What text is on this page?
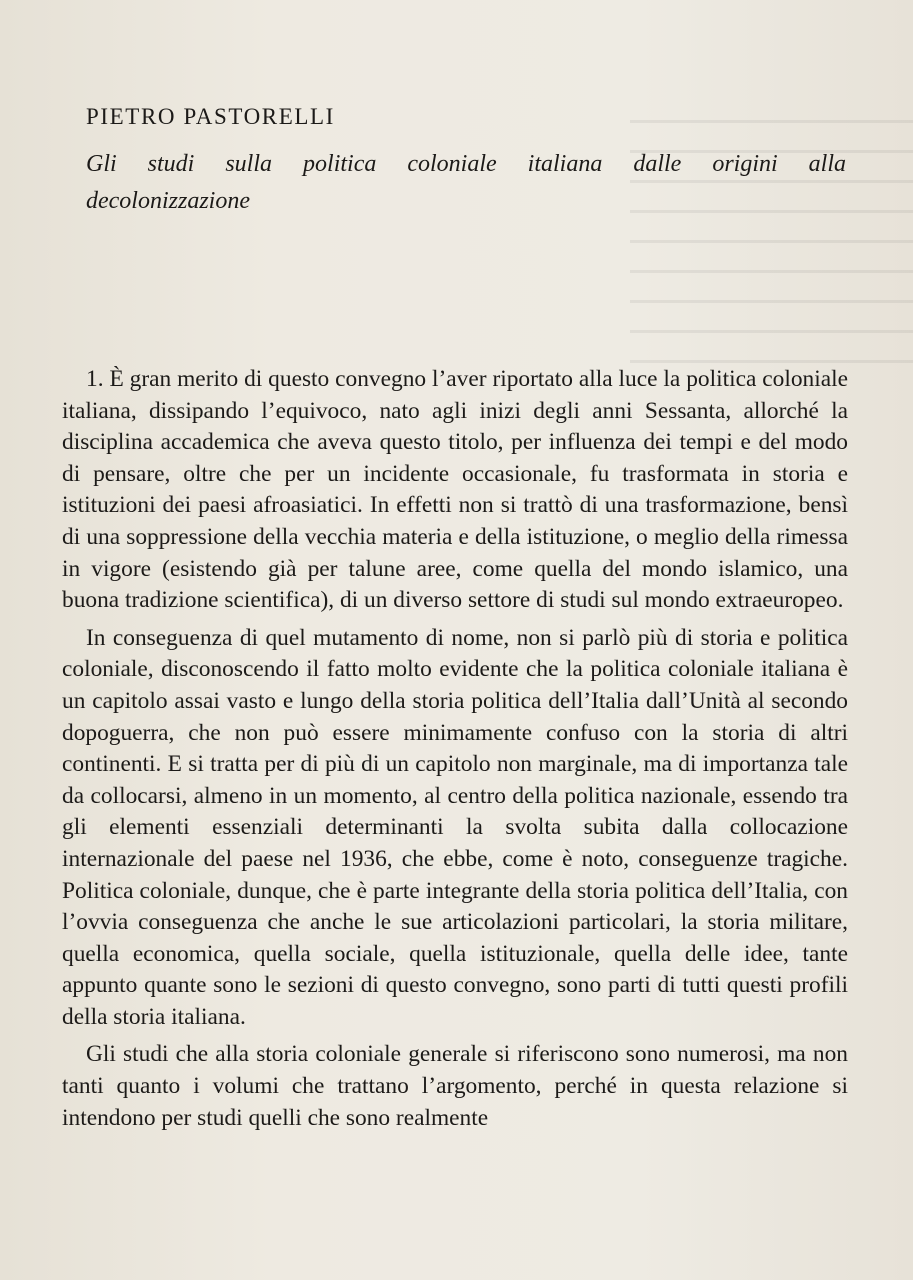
PIETRO PASTORELLI
Gli studi sulla politica coloniale italiana dalle origini alla decolonizzazione

1. È gran merito di questo convegno l’aver riportato alla luce la politica coloniale italiana, dissipando l’equivoco, nato agli inizi degli anni Sessanta, allorché la disciplina accademica che aveva questo titolo, per influenza dei tempi e del modo di pensare, oltre che per un incidente occasionale, fu trasformata in storia e istituzioni dei paesi afroasiatici. In effetti non si trattò di una trasformazione, bensì di una soppressione della vecchia materia e della istituzione, o meglio della rimessa in vigore (esistendo già per talune aree, come quella del mondo islamico, una buona tradizione scientifica), di un diverso settore di studi sul mondo extraeuropeo.

In conseguenza di quel mutamento di nome, non si parlò più di storia e politica coloniale, disconoscendo il fatto molto evidente che la politica coloniale italiana è un capitolo assai vasto e lungo della storia politica dell’Italia dall’Unità al secondo dopoguerra, che non può essere minimamente confuso con la storia di altri continenti. E si tratta per di più di un capitolo non marginale, ma di importanza tale da collocarsi, almeno in un momento, al centro della politica nazionale, essendo tra gli elementi essenziali determinanti la svolta subita dalla collocazione internazionale del paese nel 1936, che ebbe, come è noto, conseguenze tragiche. Politica coloniale, dunque, che è parte integrante della storia politica dell’Italia, con l’ovvia conseguenza che anche le sue articolazioni particolari, la storia militare, quella economica, quella sociale, quella istituzionale, quella delle idee, tante appunto quante sono le sezioni di questo convegno, sono parti di tutti questi profili della storia italiana.

Gli studi che alla storia coloniale generale si riferiscono sono numerosi, ma non tanti quanto i volumi che trattano l’argomento, perché in questa relazione si intendono per studi quelli che sono realmente
